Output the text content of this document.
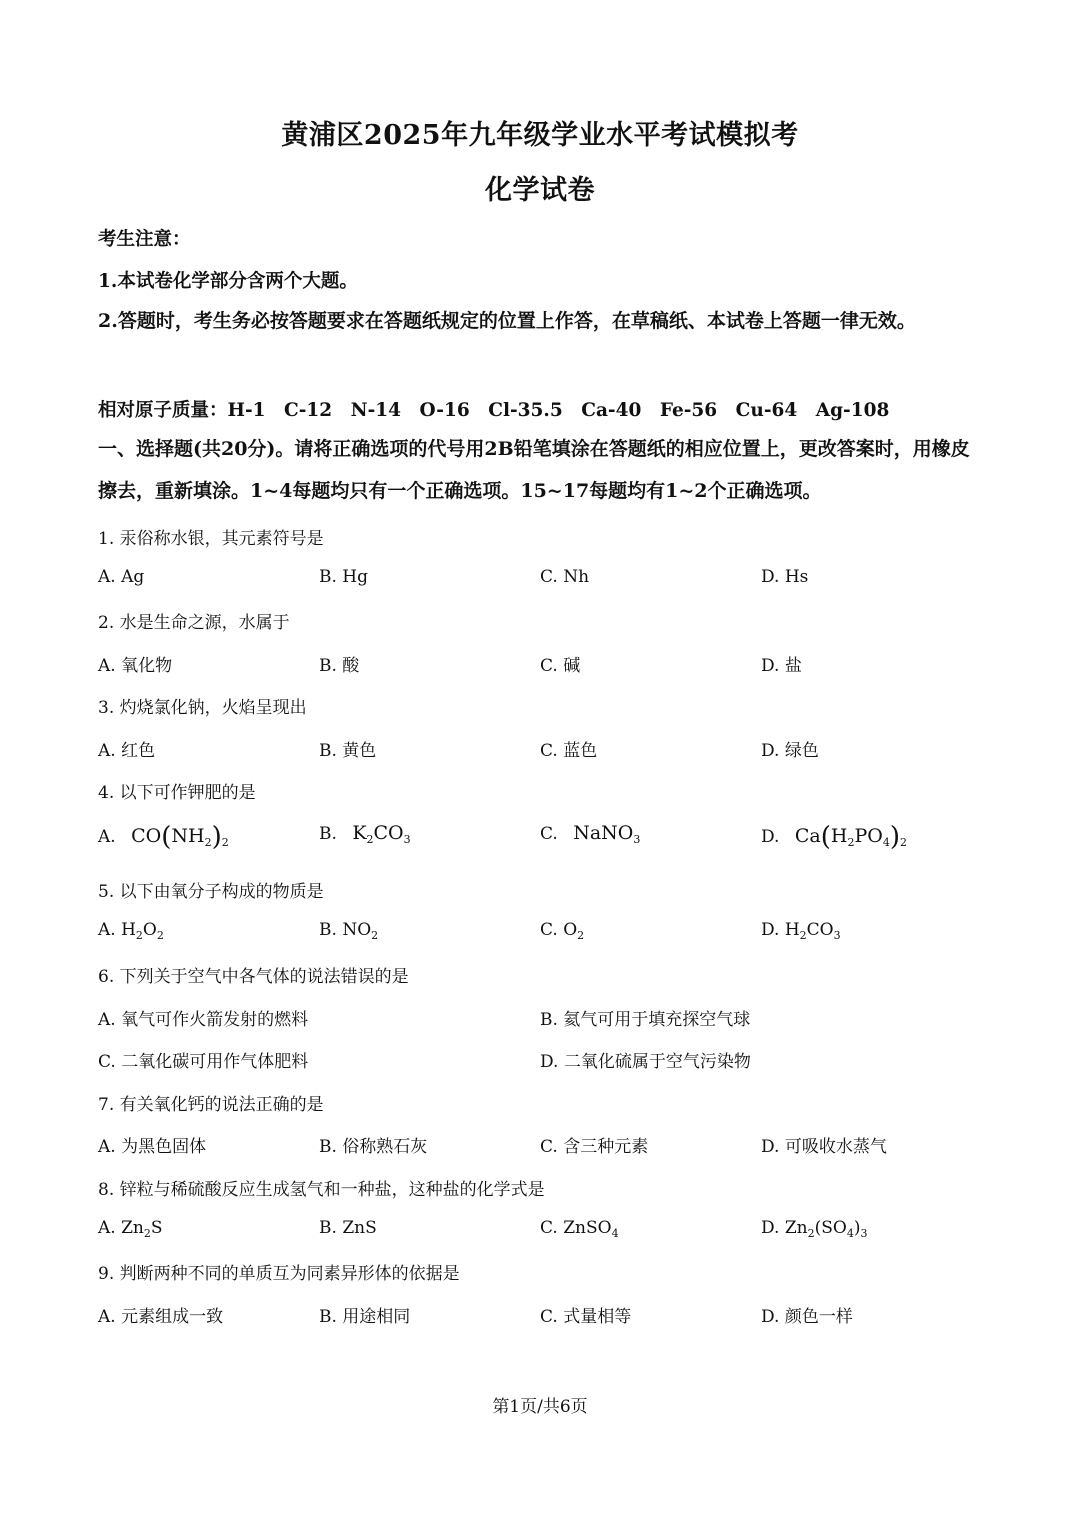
黄浦区2025年九年级学业水平考试模拟考
化学试卷
考生注意：
1.本试卷化学部分含两个大题。
2.答题时，考生务必按答题要求在答题纸规定的位置上作答，在草稿纸、本试卷上答题一律无效。
相对原子质量：H-1　C-12　N-14　O-16　Cl-35.5　Ca-40　Fe-56　Cu-64　Ag-108
一、选择题(共20分)。请将正确选项的代号用2B铅笔填涂在答题纸的相应位置上，更改答案时，用橡皮擦去，重新填涂。1~4每题均只有一个正确选项。15~17每题均有1~2个正确选项。
1. 汞俗称水银，其元素符号是
A. Ag	B. Hg	C. Nh	D. Hs
2. 水是生命之源，水属于
A. 氧化物	B. 酸	C. 碱	D. 盐
3. 灼烧氯化钠，火焰呈现出
A. 红色	B. 黄色	C. 蓝色	D. 绿色
4. 以下可作钾肥的是
A. $CO(NH_2)_2$	B. $K_2CO_3$	C. NaNO$_3$	D. $Ca(H_2PO_4)_2$
5. 以下由氧分子构成的物质是
A. $H_2O_2$	B. $NO_2$	C. $O_2$	D. $H_2CO_3$
6. 下列关于空气中各气体的说法错误的是
A. 氧气可作火箭发射的燃料	B. 氦气可用于填充探空气球
C. 二氧化碳可用作气体肥料	D. 二氧化硫属于空气污染物
7. 有关氧化钙的说法正确的是
A. 为黑色固体	B. 俗称熟石灰	C. 含三种元素	D. 可吸收水蒸气
8. 锌粒与稀硫酸反应生成氢气和一种盐，这种盐的化学式是
A. $Zn_2S$	B. ZnS	C. ZnSO$_4$	D. $Zn_2(SO_4)_3$
9. 判断两种不同的单质互为同素异形体的依据是
A. 元素组成一致	B. 用途相同	C. 式量相等	D. 颜色一样
第1页/共6页
